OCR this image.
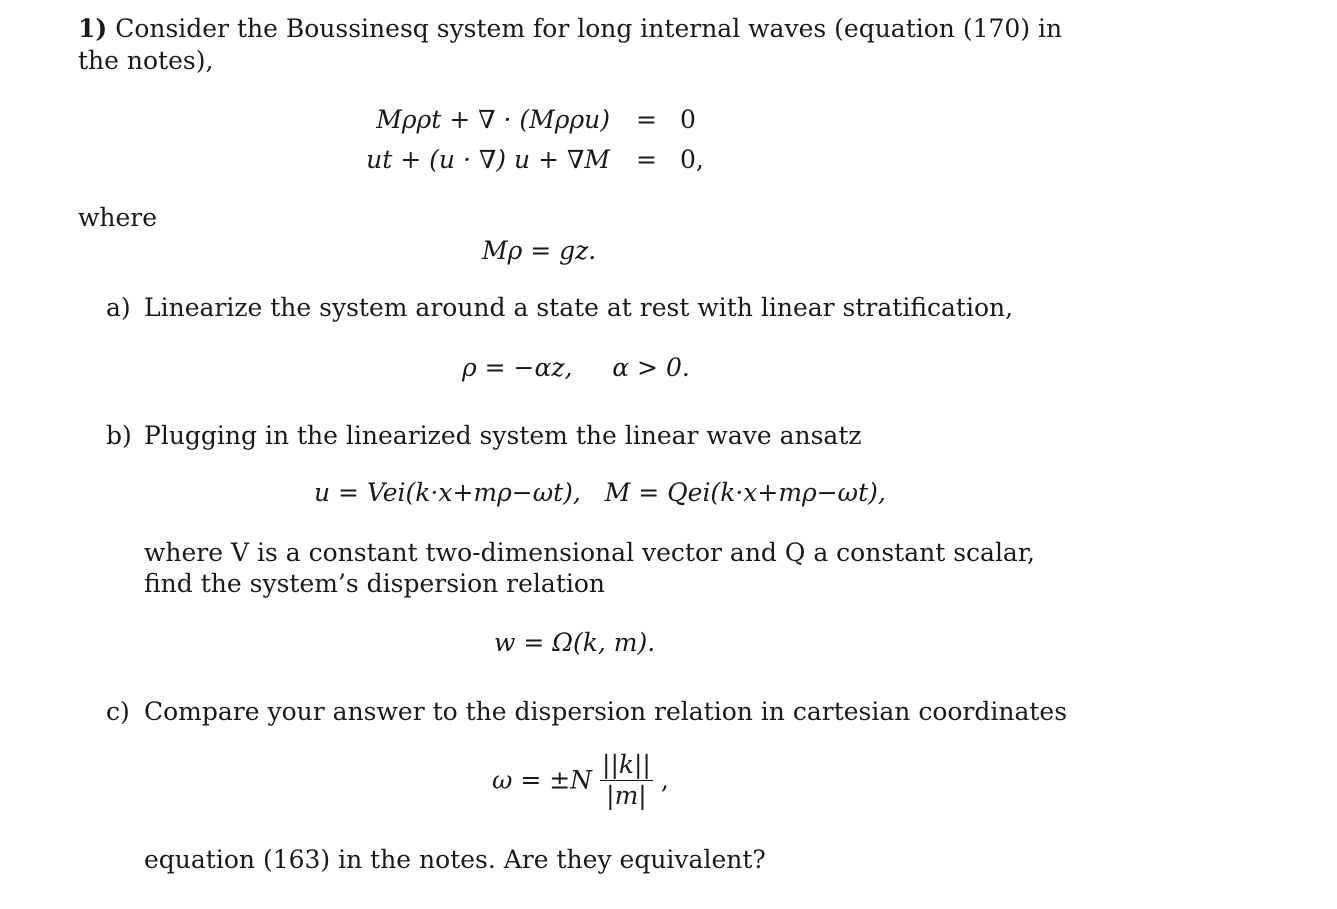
1) Consider the Boussinesq system for long internal waves (equation (170) in
the notes),
Mρρt + ∇ · (Mρρu) = 0
ut + (u · ∇) u + ∇M = 0,
where
Mρ = gz.
a) Linearize the system around a state at rest with linear stratification,
ρ = −αz,     α > 0.
b) Plugging in the linearized system the linear wave ansatz
u = Vei(k·x+mρ−ωt),   M = Qei(k·x+mρ−ωt),
where V is a constant two-dimensional vector and Q a constant scalar,
find the system’s dispersion relation
w = Ω(k, m).
c) Compare your answer to the dispersion relation in cartesian coordinates
$\omega = \pm N \frac{||k||}{|m|}$ ,
equation (163) in the notes. Are they equivalent?
